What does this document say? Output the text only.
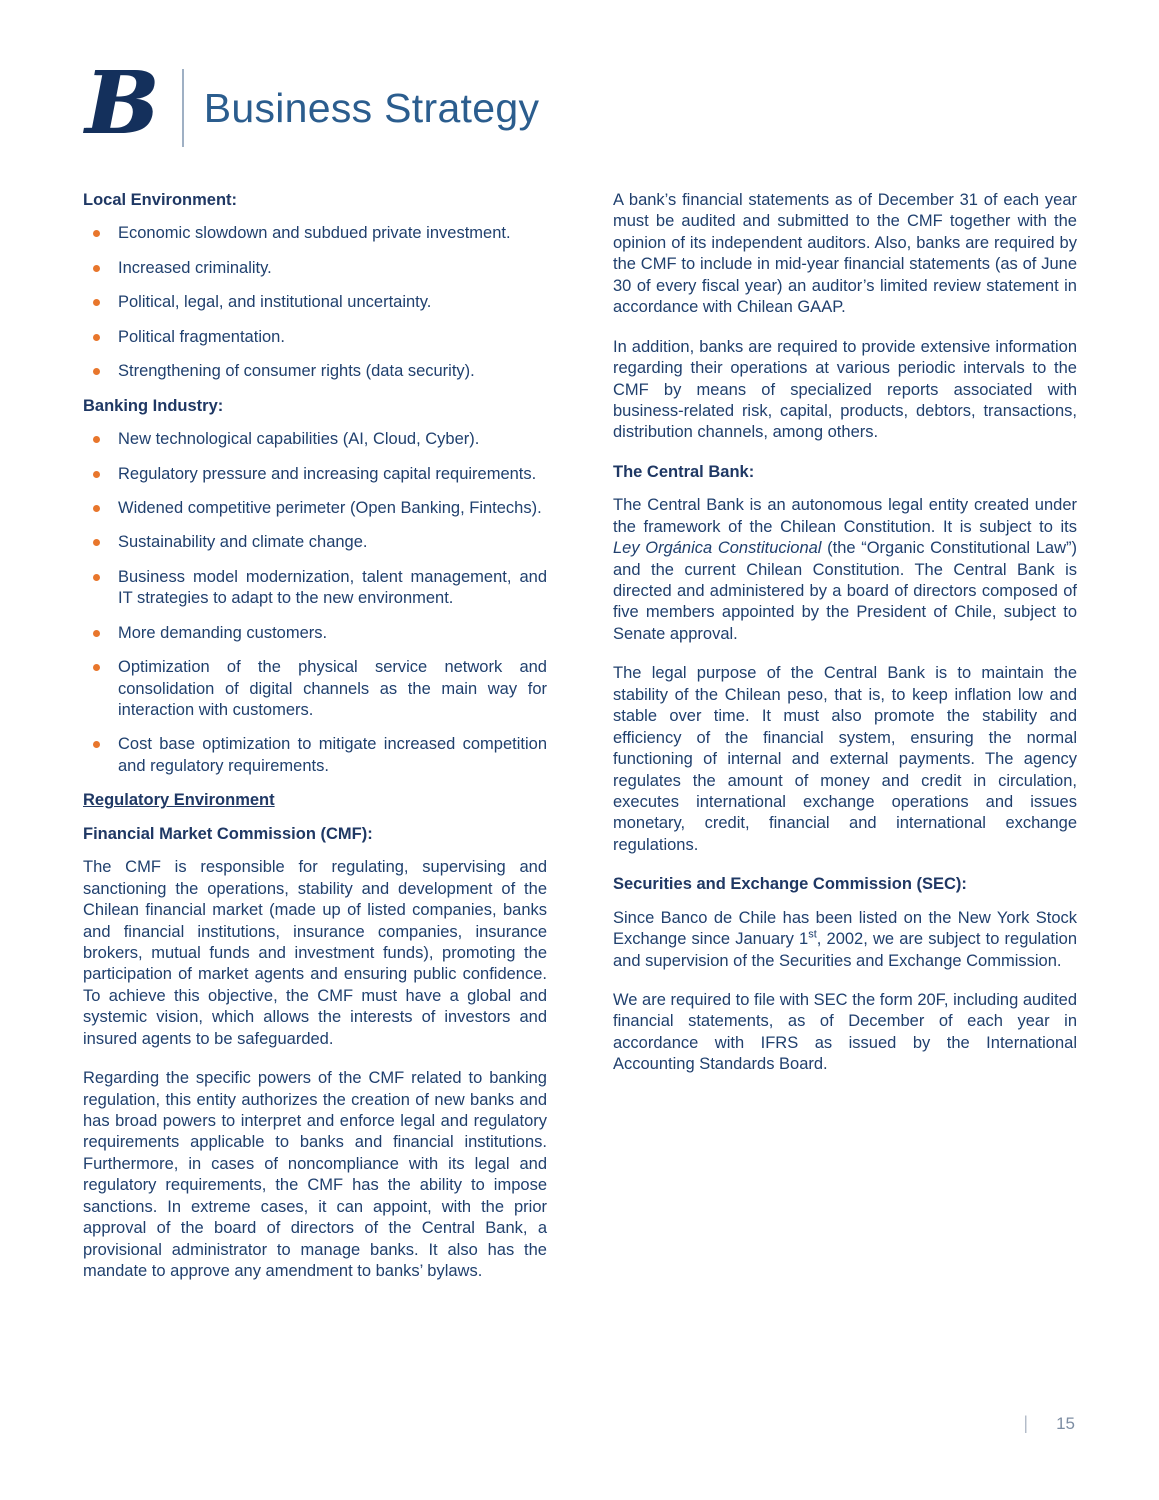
B Business Strategy
Local Environment:
Economic slowdown and subdued private investment.
Increased criminality.
Political, legal, and institutional uncertainty.
Political fragmentation.
Strengthening of consumer rights (data security).
Banking Industry:
New technological capabilities (AI, Cloud, Cyber).
Regulatory pressure and increasing capital requirements.
Widened competitive perimeter (Open Banking, Fintechs).
Sustainability and climate change.
Business model modernization, talent management, and IT strategies to adapt to the new environment.
More demanding customers.
Optimization of the physical service network and consolidation of digital channels as the main way for interaction with customers.
Cost base optimization to mitigate increased competition and regulatory requirements.
Regulatory Environment
Financial Market Commission (CMF):

The CMF is responsible for regulating, supervising and sanctioning the operations, stability and development of the Chilean financial market (made up of listed companies, banks and financial institutions, insurance companies, insurance brokers, mutual funds and investment funds), promoting the participation of market agents and ensuring public confidence. To achieve this objective, the CMF must have a global and systemic vision, which allows the interests of investors and insured agents to be safeguarded.

Regarding the specific powers of the CMF related to banking regulation, this entity authorizes the creation of new banks and has broad powers to interpret and enforce legal and regulatory requirements applicable to banks and financial institutions. Furthermore, in cases of noncompliance with its legal and regulatory requirements, the CMF has the ability to impose sanctions. In extreme cases, it can appoint, with the prior approval of the board of directors of the Central Bank, a provisional administrator to manage banks. It also has the mandate to approve any amendment to banks’ bylaws.

A bank’s financial statements as of December 31 of each year must be audited and submitted to the CMF together with the opinion of its independent auditors. Also, banks are required by the CMF to include in mid-year financial statements (as of June 30 of every fiscal year) an auditor’s limited review statement in accordance with Chilean GAAP.

In addition, banks are required to provide extensive information regarding their operations at various periodic intervals to the CMF by means of specialized reports associated with business-related risk, capital, products, debtors, transactions, distribution channels, among others.

The Central Bank:

The Central Bank is an autonomous legal entity created under the framework of the Chilean Constitution. It is subject to its Ley Orgánica Constitucional (the “Organic Constitutional Law”) and the current Chilean Constitution. The Central Bank is directed and administered by a board of directors composed of five members appointed by the President of Chile, subject to Senate approval.

The legal purpose of the Central Bank is to maintain the stability of the Chilean peso, that is, to keep inflation low and stable over time. It must also promote the stability and efficiency of the financial system, ensuring the normal functioning of internal and external payments. The agency regulates the amount of money and credit in circulation, executes international exchange operations and issues monetary, credit, financial and international exchange regulations.

Securities and Exchange Commission (SEC):

Since Banco de Chile has been listed on the New York Stock Exchange since January 1st, 2002, we are subject to regulation and supervision of the Securities and Exchange Commission.

We are required to file with SEC the form 20F, including audited financial statements, as of December of each year in accordance with IFRS as issued by the International Accounting Standards Board.

| 15
